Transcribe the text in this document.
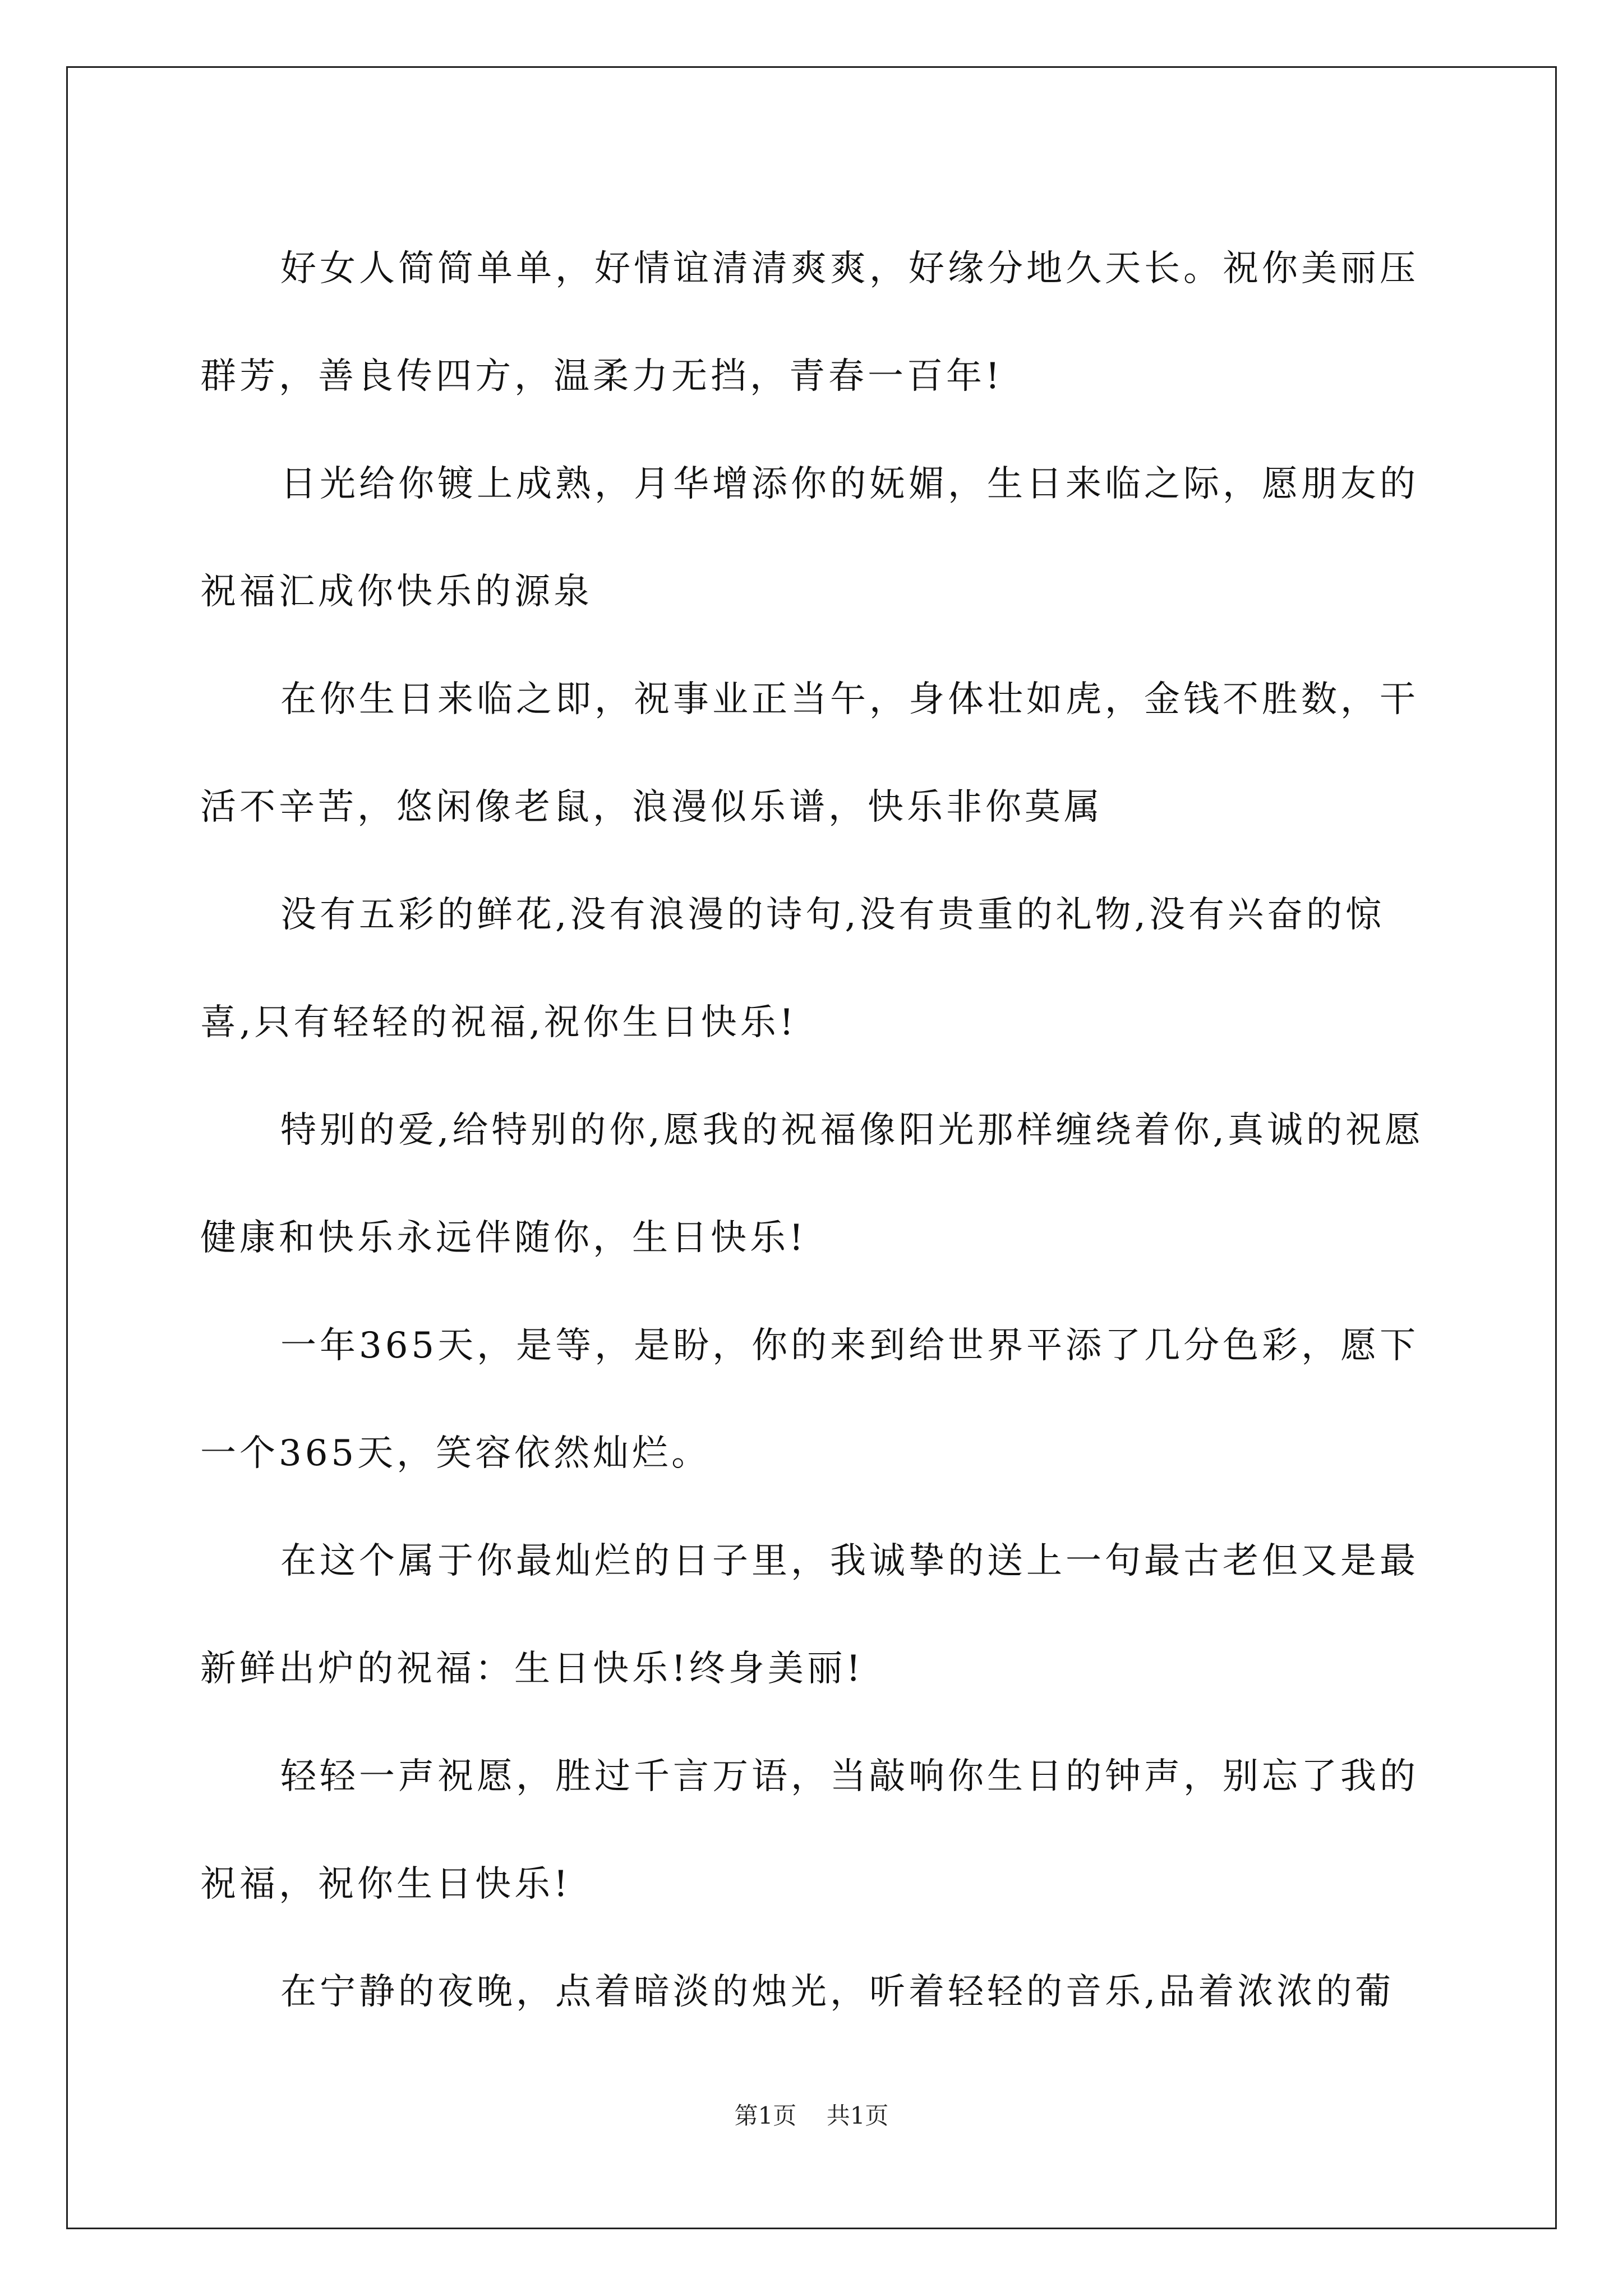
好女人简简单单，好情谊清清爽爽，好缘分地久天长。祝你美丽压群芳，善良传四方，温柔力无挡，青春一百年!

日光给你镀上成熟，月华增添你的妩媚，生日来临之际，愿朋友的祝福汇成你快乐的源泉

在你生日来临之即，祝事业正当午，身体壮如虎，金钱不胜数，干活不辛苦，悠闲像老鼠，浪漫似乐谱，快乐非你莫属

没有五彩的鲜花,没有浪漫的诗句,没有贵重的礼物,没有兴奋的惊喜,只有轻轻的祝福,祝你生日快乐!

特别的爱,给特别的你,愿我的祝福像阳光那样缠绕着你,真诚的祝愿健康和快乐永远伴随你，生日快乐!

一年365天，是等，是盼，你的来到给世界平添了几分色彩，愿下一个365天，笑容依然灿烂。

在这个属于你最灿烂的日子里，我诚挚的送上一句最古老但又是最新鲜出炉的祝福：生日快乐!终身美丽!

轻轻一声祝愿，胜过千言万语，当敲响你生日的钟声，别忘了我的祝福，祝你生日快乐!

在宁静的夜晚，点着暗淡的烛光，听着轻轻的音乐,品着浓浓的葡

第1页 共1页
